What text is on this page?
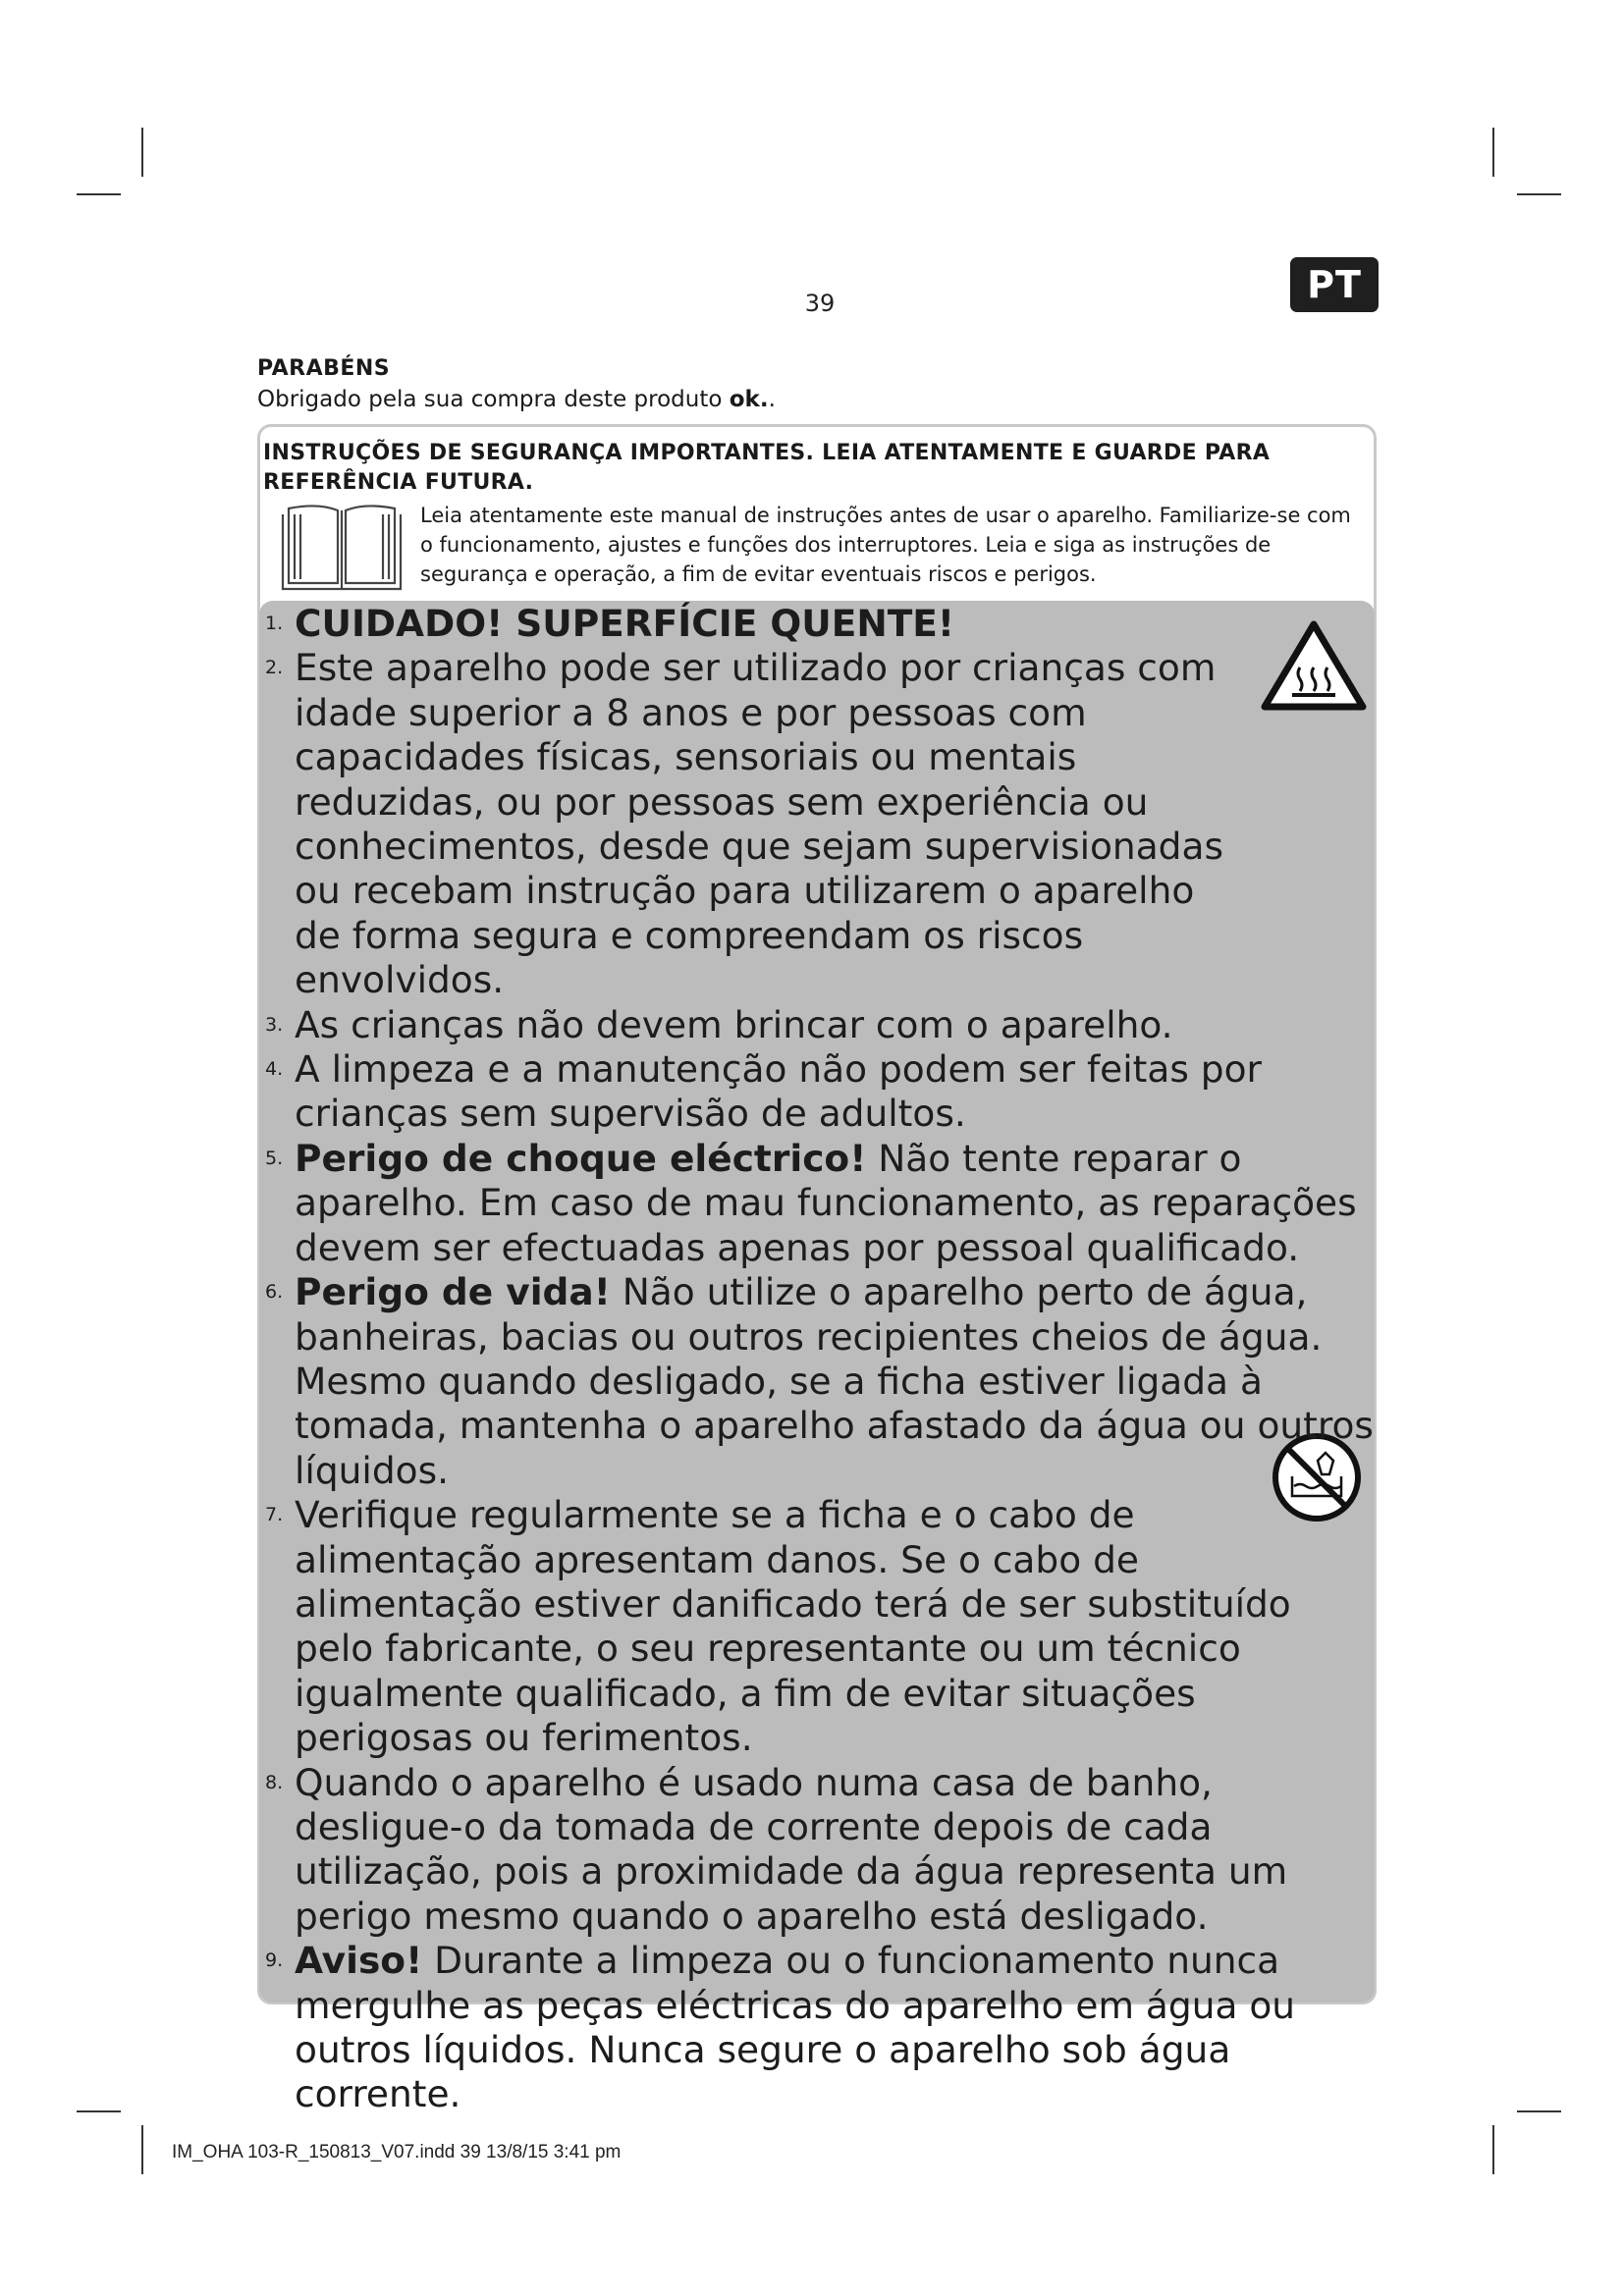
39	PT
PARABÉNS
Obrigado pela sua compra deste produto ok..
INSTRUÇÕES DE SEGURANÇA IMPORTANTES. LEIA ATENTAMENTE E GUARDE PARA REFERÊNCIA FUTURA.
Leia atentamente este manual de instruções antes de usar o aparelho. Familiarize-se com o funcionamento, ajustes e funções dos interruptores. Leia e siga as instruções de segurança e operação, a fim de evitar eventuais riscos e perigos.
1. CUIDADO! SUPERFÍCIE QUENTE!
2. Este aparelho pode ser utilizado por crianças com idade superior a 8 anos e por pessoas com capacidades físicas, sensoriais ou mentais reduzidas, ou por pessoas sem experiência ou conhecimentos, desde que sejam supervisionadas ou recebam instrução para utilizarem o aparelho de forma segura e compreendam os riscos envolvidos.
3. As crianças não devem brincar com o aparelho.
4. A limpeza e a manutenção não podem ser feitas por crianças sem supervisão de adultos.
5. Perigo de choque eléctrico! Não tente reparar o aparelho. Em caso de mau funcionamento, as reparações devem ser efectuadas apenas por pessoal qualificado.
6. Perigo de vida! Não utilize o aparelho perto de água, banheiras, bacias ou outros recipientes cheios de água. Mesmo quando desligado, se a ficha estiver ligada à tomada, mantenha o aparelho afastado da água ou outros líquidos.
7. Verifique regularmente se a ficha e o cabo de alimentação apresentam danos. Se o cabo de alimentação estiver danificado terá de ser substituído pelo fabricante, o seu representante ou um técnico igualmente qualificado, a fim de evitar situações perigosas ou ferimentos.
8. Quando o aparelho é usado numa casa de banho, desligue-o da tomada de corrente depois de cada utilização, pois a proximidade da água representa um perigo mesmo quando o aparelho está desligado.
9. Aviso! Durante a limpeza ou o funcionamento nunca mergulhe as peças eléctricas do aparelho em água ou outros líquidos. Nunca segure o aparelho sob água corrente.
IM_OHA 103-R_150813_V07.indd 39 13/8/15 3:41 pm
